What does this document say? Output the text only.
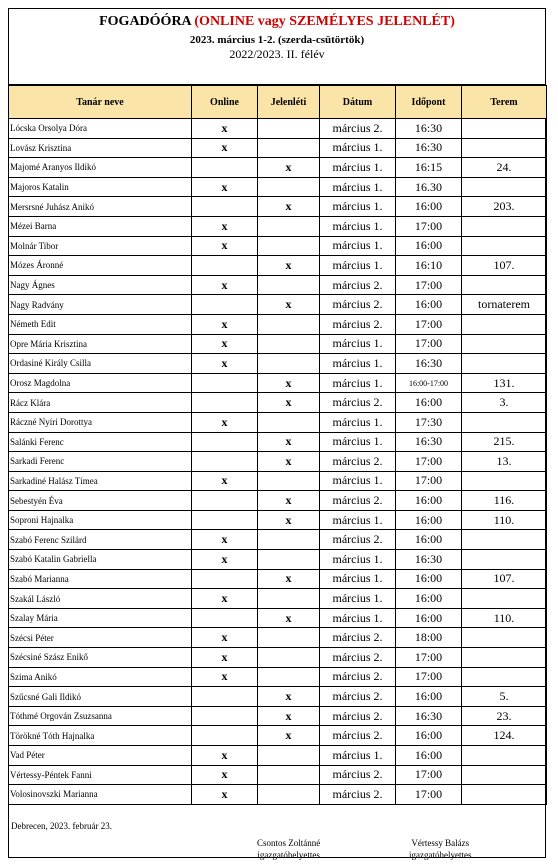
FOGADÓÓRA (ONLINE vagy SZEMÉLYES JELENLÉT)
2023. március 1-2. (szerda-csütörtök)
2022/2023. II. félév
Tanár neve	Online	Jelenléti	Dátum	Időpont	Terem
Lócska Orsolya Dóra	x		március 2.	16:30	
Lovász Krisztina	x		március 1.	16:30	
Majomé Aranyos Ildikó		x	március 1.	16:15	24.
Majoros Katalin	x		március 1.	16.30	
Mersrsné Juhász Anikó		x	március 1.	16:00	203.
Mézei Barna	x		március 1.	17:00	
Molnár Tibor	x		március 1.	16:00	
Mózes Áronné		x	március 1.	16:10	107.
Nagy Ágnes	x		március 2.	17:00	
Nagy Radvány		x	március 2.	16:00	tornaterem
Németh Edit	x		március 2.	17:00	
Opre Mária Krisztina	x		március 1.	17:00	
Ordasiné Király Csilla	x		március 1.	16:30	
Orosz Magdolna		x	március 1.	16:00-17:00	131.
Rácz Klára		x	március 2.	16:00	3.
Ráczné Nyíri Dorottya	x		március 1.	17:30	
Salánki Ferenc		x	március 1.	16:30	215.
Sarkadi Ferenc		x	március 2.	17:00	13.
Sarkadiné Halász Tímea	x		március 1.	17:00	
Sebestyén Éva		x	március 2.	16:00	116.
Soproni Hajnalka		x	március 1.	16:00	110.
Szabó Ferenc Szilárd	x		március 2.	16:00	
Szabó Katalin Gabriella	x		március 1.	16:30	
Szabó Marianna		x	március 1.	16:00	107.
Szakál László	x		március 1.	16:00	
Szalay Mária		x	március 1.	16:00	110.
Szécsi Péter	x		március 2.	18:00	
Szécsiné Szász Enikő	x		március 2.	17:00	
Szima Anikó	x		március 2.	17:00	
Szűcsné Gali Ildikó		x	március 2.	16:00	5.
Tóthmé Orgován Zsuzsanna		x	március 2.	16:30	23.
Törökné Tóth Hajnalka		x	március 2.	16:00	124.
Vad Péter	x		március 1.	16:00	
Vértessy-Péntek Fanni	x		március 2.	17:00	
Volosinovszki Marianna	x		március 2.	17:00	
Debrecen, 2023. február 23.
Csontos Zoltánné
igazgatóhelyettes
Vértessy Balázs
igazgatóhelyettes
